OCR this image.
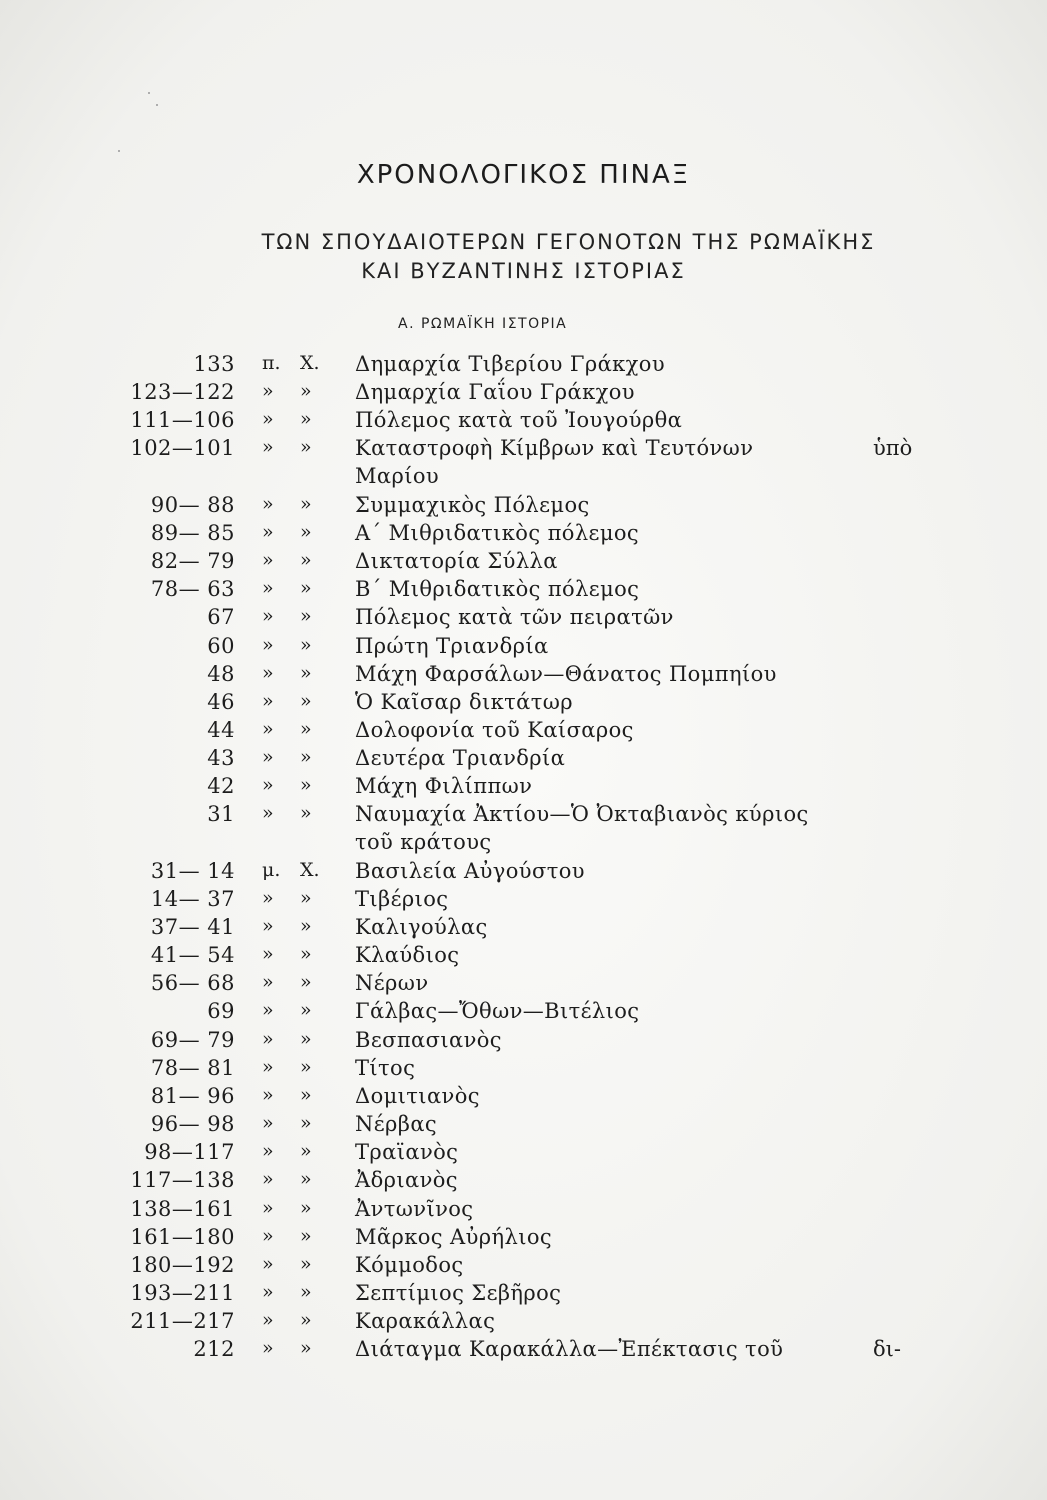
ΧΡΟΝΟΛΟΓΙΚΟΣ ΠΙΝΑΞ
ΤΩΝ ΣΠΟΥΔΑΙΟΤΕΡΩΝ ΓΕΓΟΝΟΤΩΝ ΤΗΣ ΡΩΜΑΪΚΗΣ
ΚΑΙ ΒΥΖΑΝΤΙΝΗΣ ΙΣΤΟΡΙΑΣ
Α. ΡΩΜΑΪΚΗ ΙΣΤΟΡΙΑ
133 π. Χ. Δημαρχία Τιβερίου Γράκχου
123—122 » » Δημαρχία Γαΐου Γράκχου
111—106 » » Πόλεμος κατὰ τοῦ Ἰουγούρθα
102—101 » » Καταστροφὴ Κίμβρων καὶ Τευτόνων	ὑπὸ
Μαρίου
90— 88 » » Συμμαχικὸς Πόλεμος
89— 85 » » Α΄ Μιθριδατικὸς πόλεμος
82— 79 » » Δικτατορία Σύλλα
78— 63 » » Β΄ Μιθριδατικὸς πόλεμος
67 » » Πόλεμος κατὰ τῶν πειρατῶν
60 » » Πρώτη Τριανδρία
48 » » Μάχη Φαρσάλων—Θάνατος Πομπηίου
46 » » Ὁ Καῖσαρ δικτάτωρ
44 » » Δολοφονία τοῦ Καίσαρος
43 » » Δευτέρα Τριανδρία
42 » » Μάχη Φιλίππων
31 » » Ναυμαχία Ἀκτίου—Ὁ Ὀκταβιανὸς κύριος
τοῦ κράτους
31— 14 μ. Χ. Βασιλεία Αὐγούστου
14— 37 » » Τιβέριος
37— 41 » » Καλιγούλας
41— 54 » » Κλαύδιος
56— 68 » » Νέρων
69 » » Γάλβας—Ὄθων—Βιτέλιος
69— 79 » » Βεσπασιανὸς
78— 81 » » Τίτος
81— 96 » » Δομιτιανὸς
96— 98 » » Νέρβας
98—117 » » Τραϊανὸς
117—138 » » Ἀδριανὸς
138—161 » » Ἀντωνῖνος
161—180 » » Μᾶρκος Αὐρήλιος
180—192 » » Κόμμοδος
193—211 » » Σεπτίμιος Σεβῆρος
211—217 » » Καρακάλλας
212 » » Διάταγμα Καρακάλλα—Ἐπέκτασις τοῦ	δι-
